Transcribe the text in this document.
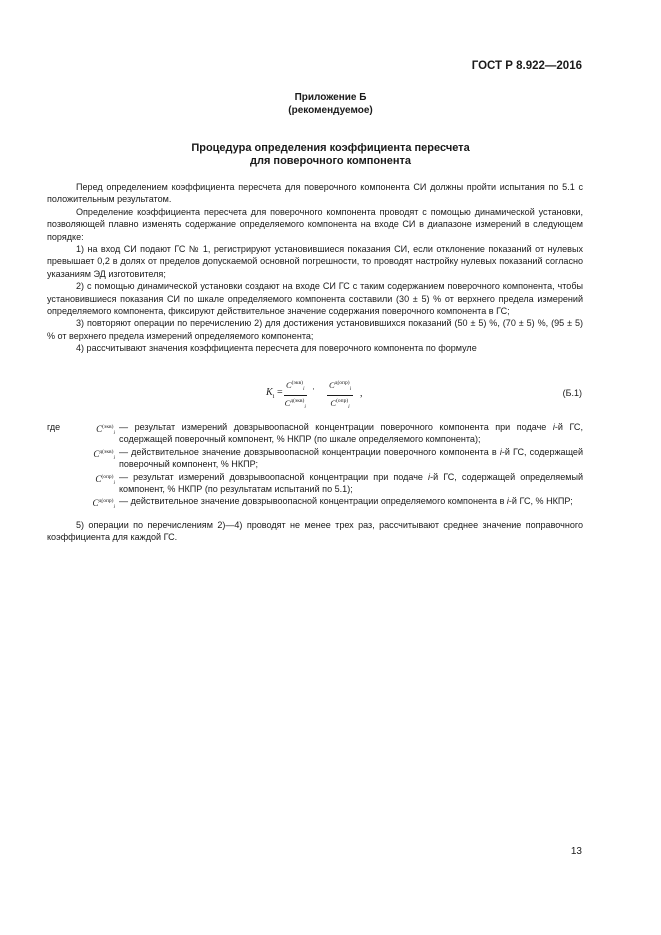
ГОСТ Р 8.922—2016
Приложение Б
(рекомендуемое)
Процедура определения коэффициента пересчета
для поверочного компонента

Перед определением коэффициента пересчета для поверочного компонента СИ должны пройти испытания по 5.1 с положительным результатом.

Определение коэффициента пересчета для поверочного компонента проводят с помощью динамической установки, позволяющей плавно изменять содержание определяемого компонента на входе СИ в диапазоне измерений в следующем порядке:

1) на вход СИ подают ГС № 1, регистрируют установившиеся показания СИ, если отклонение показаний от нулевых превышает 0,2 в долях от пределов допускаемой основной погрешности, то проводят настройку нулевых показаний согласно указаниям ЭД изготовителя;

2) с помощью динамической установки создают на входе СИ ГС с таким содержанием поверочного компонента, чтобы установившиеся показания СИ по шкале определяемого компонента составили (30 ± 5) % от верхнего предела измерений определяемого компонента, фиксируют действительное значение содержания поверочного компонента в ГС;

3) повторяют операции по перечислению 2) для достижения установившихся показаний (50 ± 5) %, (70 ± 5) %, (95 ± 5) % от верхнего предела измерений определяемого компонента;

4) рассчитывают значения коэффициента пересчета для поверочного компонента по формуле

$K_i$ =
$C^{(экв)}_i$
$C^{д(экв)}_i$
· $C^{д(опр)}_i$
$C^{(опр)}_i$
,	(Б.1)
где	$C^{(экв)}_i$
— результат измерений довзрывоопасной концентрации поверочного компонента при подаче i-й ГС, содержащей поверочный компонент, % НКПР (по шкале определяемого компонента);
$C^{д(экв)}_i$
— действительное значение довзрывоопасной концентрации поверочного компонента в i-й ГС, содержащей поверочный компонент, % НКПР;
$C^{(опр)}_i$
— результат измерений довзрывоопасной концентрации при подаче i-й ГС, содержащей определяемый компонент, % НКПР (по результатам испытаний по 5.1);
$C^{д(опр)}_i$
— действительное значение довзрывоопасной концентрации определяемого компонента в i-й ГС, % НКПР;

5) операции по перечислениям 2)—4) проводят не менее трех раз, рассчитывают среднее значение поправочного коэффициента для каждой ГС.

13
